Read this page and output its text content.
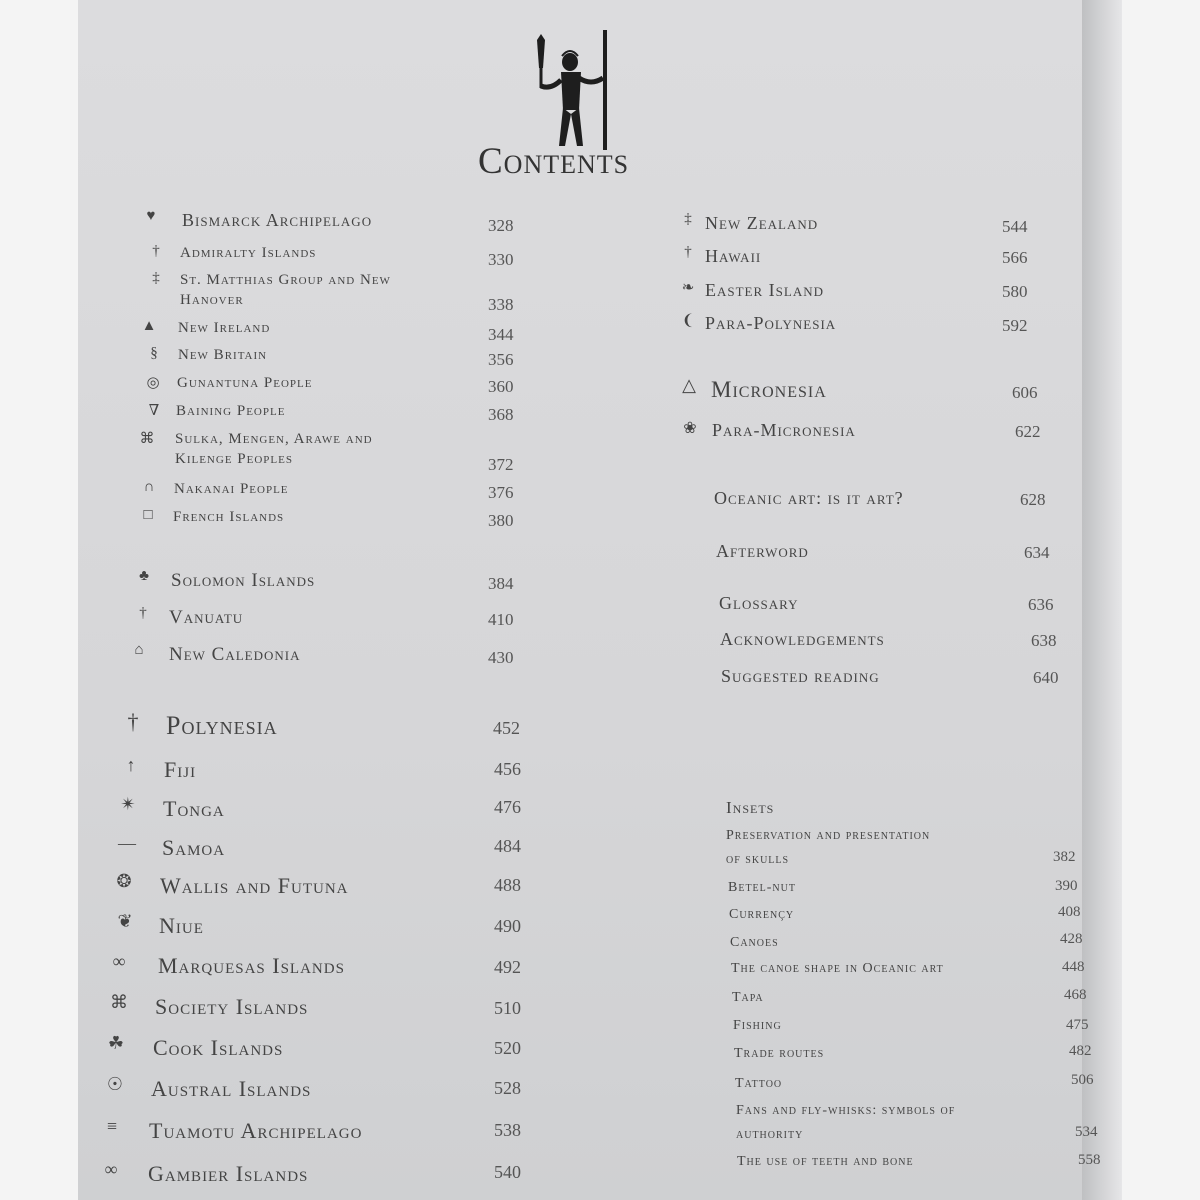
Contents
♥	Bismarck Archipelago	328
†	Admiralty Islands	330
‡	St. Matthias Group and New
Hanover	338
▲ New Ireland	344
§	New Britain	356
◎ Gunantuna People	360
∇	Baining People	368
⌘ Sulka, Mengen, Arawe and
Kilenge Peoples	372
∩	Nakanai People	376
□	French Islands	380
♣	Solomon Islands	384
†	Vanuatu	410
⌂	New Caledonia	430
† Polynesia	452
↑ Fiji	456
✴ Tonga	476
— Samoa	484
❂ Wallis and Futuna	488
❦ Niue	490
∞ Marquesas Islands	492
⌘ Society Islands	510
☘ Cook Islands	520
☉ Austral Islands	528
≡ Tuamotu Archipelago	538
∞ Gambier Islands	540
‡ New Zealand	544
† Hawaii	566
❧ Easter Island	580
❨ Para-Polynesia	592
△ Micronesia	606
❀ Para-Micronesia	622
Oceanic art: is it art?	628
Afterword	634
Glossary	636
Acknowledgements	638
Suggested reading	640
Insets
Preservation and presentation
of skulls	382
Betel-nut	390
Currençy	408
Canoes	428
The canoe shape in Oceanic art	448
Tapa	468
Fishing	475
Trade routes	482
Tattoo	506
Fans and fly-whisks: symbols of
authority	534
The use of teeth and bone	558
